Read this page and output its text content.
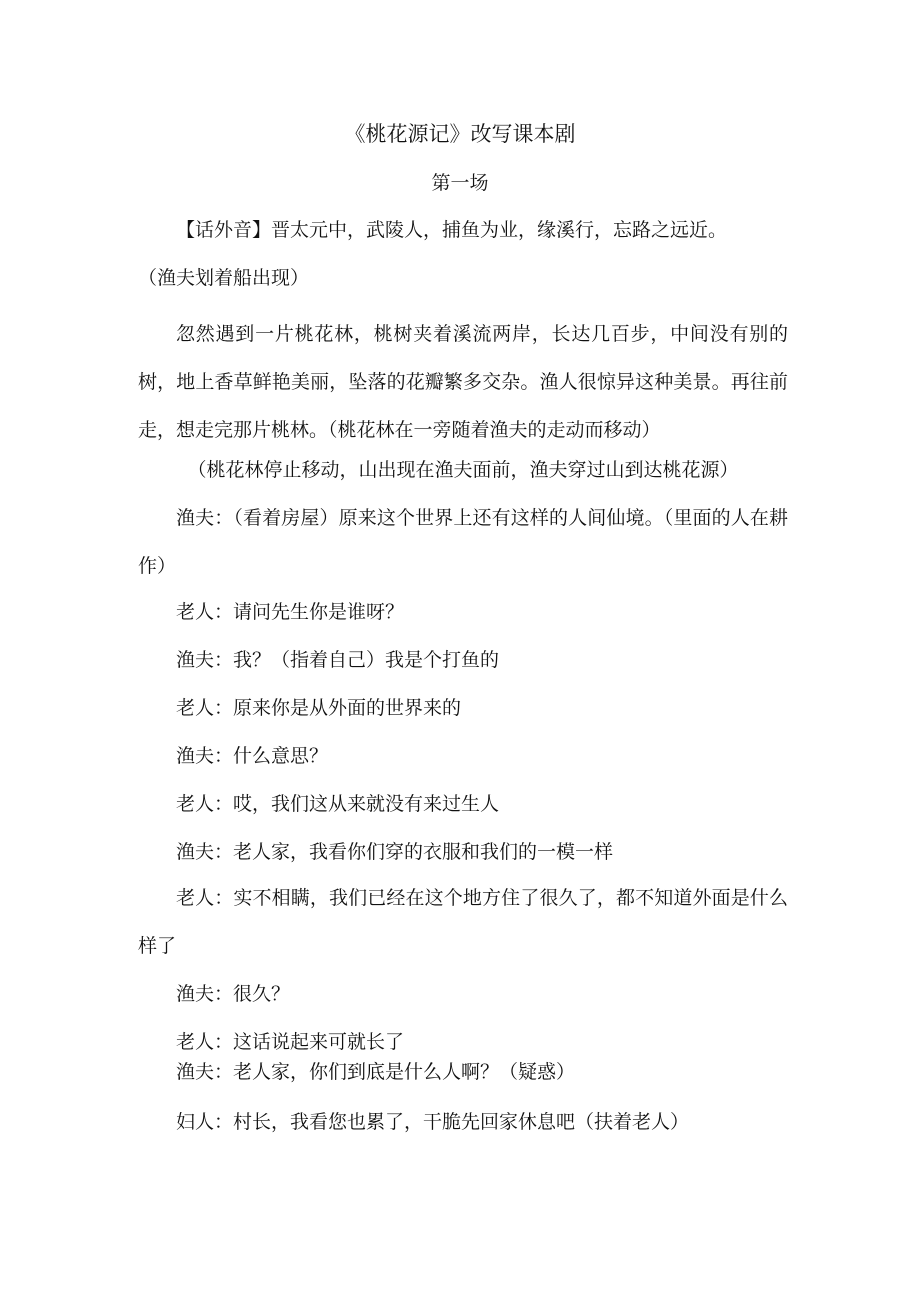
《桃花源记》改写课本剧
第一场

【话外音】晋太元中，武陵人，捕鱼为业，缘溪行，忘路之远近。

（渔夫划着船出现）

忽然遇到一片桃花林，桃树夹着溪流两岸，长达几百步，中间没有别的树，地上香草鲜艳美丽，坠落的花瓣繁多交杂。渔人很惊异这种美景。再往前走，想走完那片桃林。（桃花林在一旁随着渔夫的走动而移动）

（桃花林停止移动，山出现在渔夫面前，渔夫穿过山到达桃花源）

渔夫：（看着房屋）原来这个世界上还有这样的人间仙境。（里面的人在耕作）

老人：请问先生你是谁呀？

渔夫：我？（指着自己）我是个打鱼的

老人：原来你是从外面的世界来的

渔夫：什么意思？

老人：哎，我们这从来就没有来过生人

渔夫：老人家，我看你们穿的衣服和我们的一模一样

老人：实不相瞒，我们已经在这个地方住了很久了，都不知道外面是什么样了

渔夫：很久？

老人：这话说起来可就长了

渔夫：老人家，你们到底是什么人啊？（疑惑）

妇人：村长，我看您也累了，干脆先回家休息吧（扶着老人）
